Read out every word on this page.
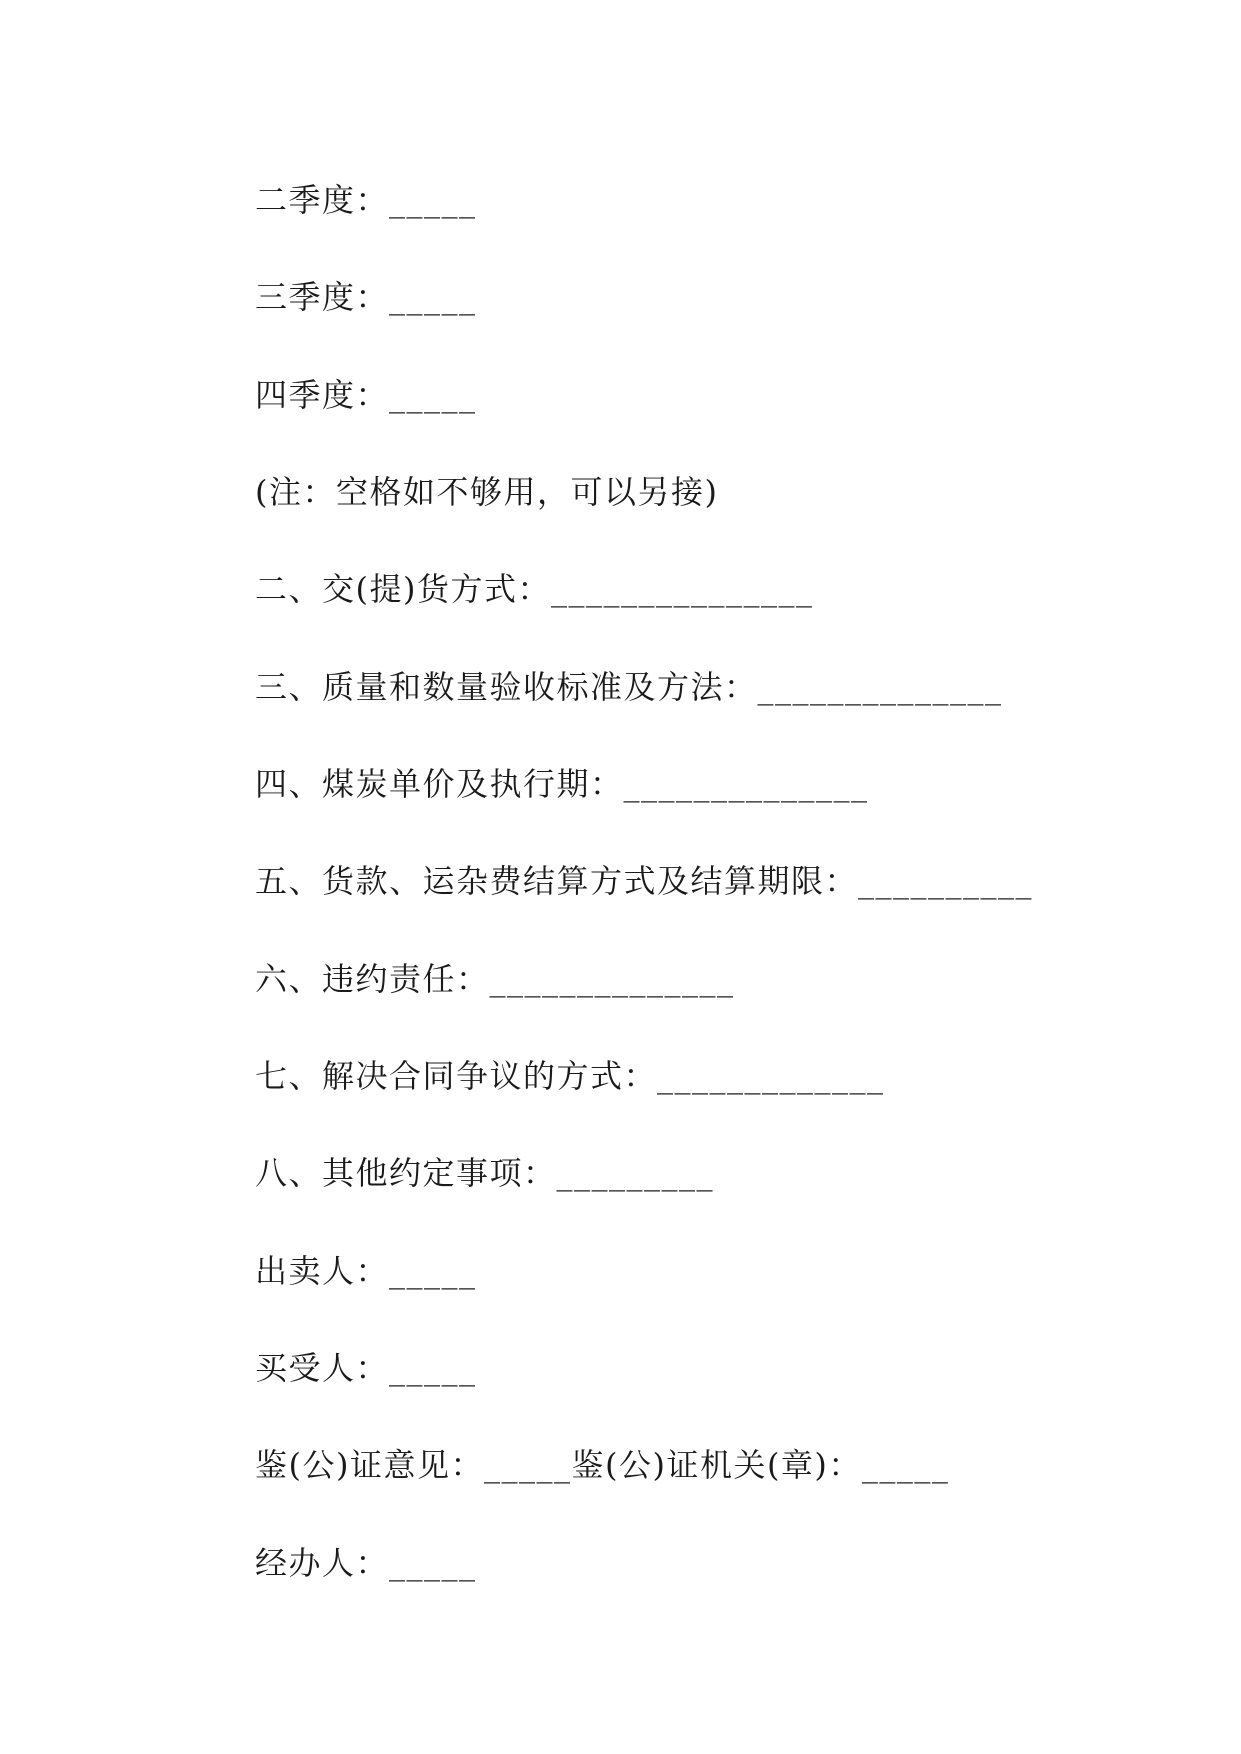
二季度：_____
三季度：_____
四季度：_____
(注：空格如不够用，可以另接)
二、交(提)货方式：_______________
三、质量和数量验收标准及方法：______________
四、煤炭单价及执行期：______________
五、货款、运杂费结算方式及结算期限：__________
六、违约责任：______________
七、解决合同争议的方式：_____________
八、其他约定事项：_________
出卖人：_____
买受人：_____
鉴(公)证意见：_____鉴(公)证机关(章)：_____
经办人：_____
